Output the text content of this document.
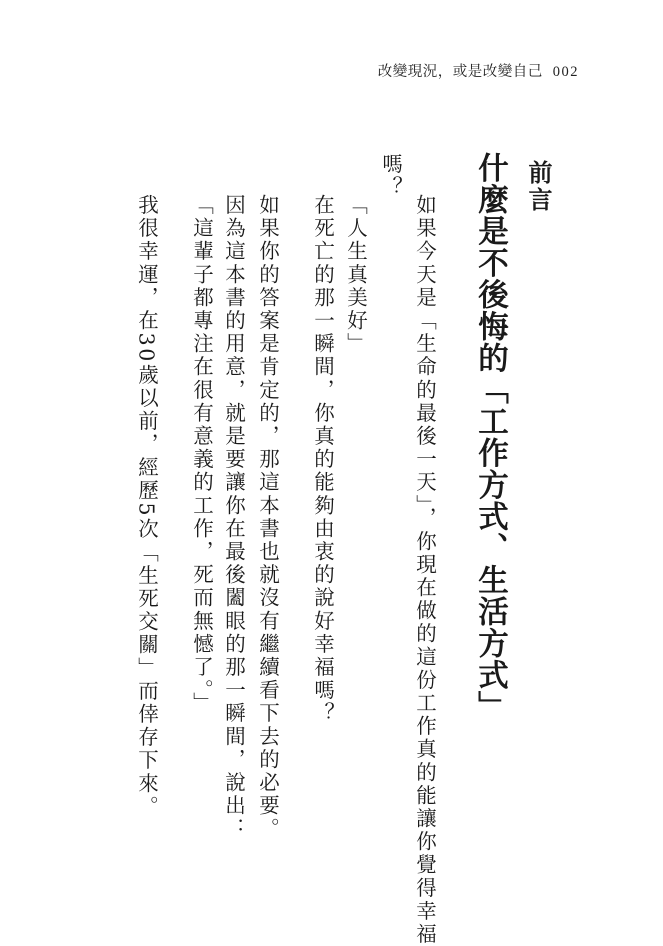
改變現況，或是改變自己 002
前言
什麼是不後悔的「工作方式、生活方式」
如果今天是「生命的最後一天」，你現在做的這份工作真的能讓你覺得幸福
嗎？
「人生真美好」
在死亡的那一瞬間，你真的能夠由衷的說好幸福嗎？
如果你的答案是肯定的，那這本書也就沒有繼續看下去的必要。
因為這本書的用意，就是要讓你在最後闔眼的那一瞬間，說出：
「這輩子都專注在很有意義的工作，死而無憾了。」
我很幸運，在30歲以前，經歷5次「生死交關」而倖存下來。
